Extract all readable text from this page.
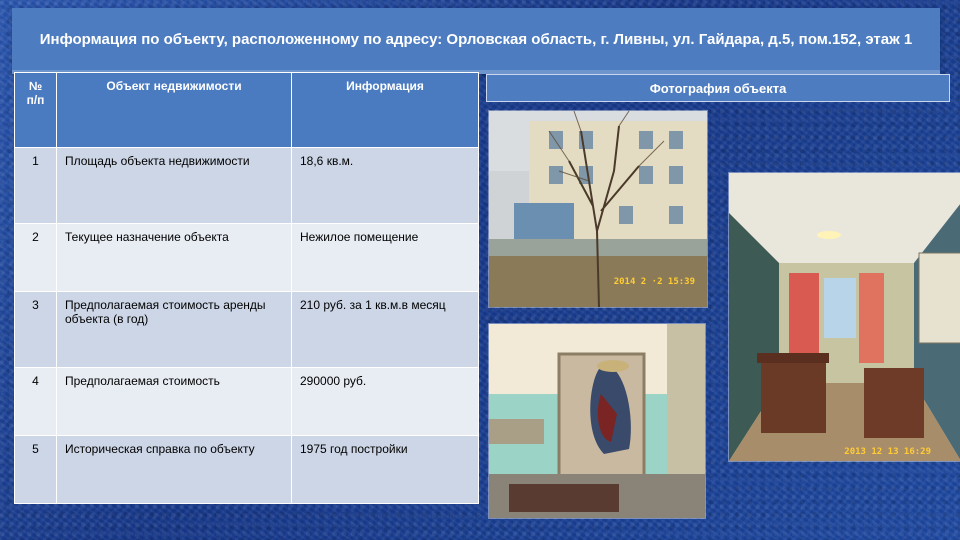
Информация по объекту, расположенному по адресу: Орловская область, г. Ливны, ул. Гайдара, д.5, пом.152, этаж 1
№ п/п	Объект недвижимости	Информация
1	Площадь объекта недвижимости	18,6 кв.м.
2	Текущее назначение объекта	Нежилое помещение
3	Предполагаемая стоимость аренды объекта (в год)	210 руб. за 1 кв.м.в месяц
4	Предполагаемая стоимость	290000 руб.
5	Историческая справка по объекту	1975 год постройки
Фотография объекта
2014 2 ·2 15:39
2013 12 13 16:29
